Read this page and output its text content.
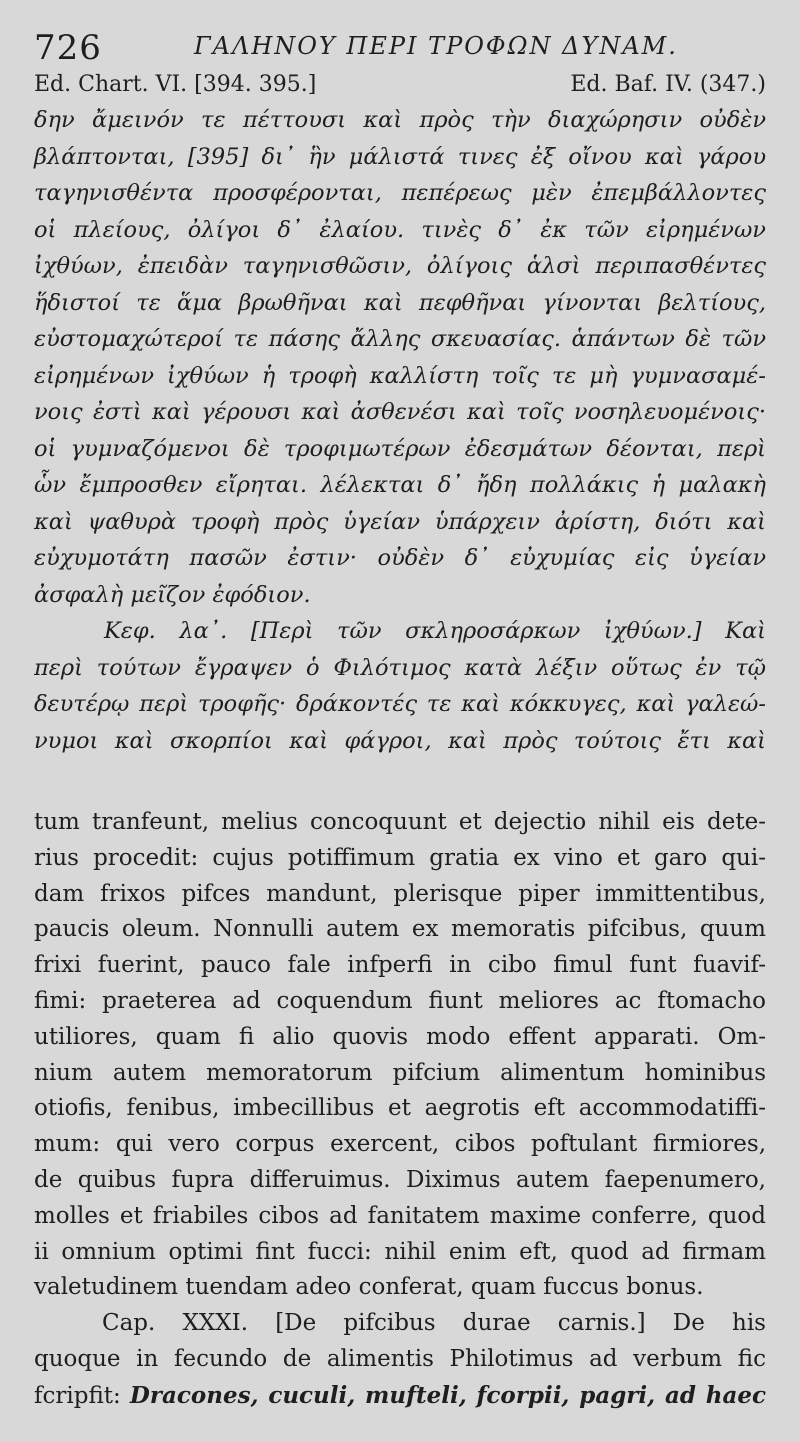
726	ΓΑΛΗΝΟΥ ΠΕΡΙ ΤΡΟΦΩΝ ΔΥΝΑΜ.
Ed. Chart. VI. [394. 395.]	Ed. Baf. IV. (347.)
δην ἄμεινόν τε πέττουσι καὶ πρὸς τὴν διαχώρησιν οὐδὲν
βλάπτονται, [395] δι᾽ ἣν μάλιστά τινες ἐξ οἴνου καὶ γάρου
ταγηνισθέντα προσφέρονται, πεπέρεως μὲν ἐπεμβάλλοντες
οἱ πλείους, ὀλίγοι δ᾽ ἐλαίου. τινὲς δ᾽ ἐκ τῶν εἰρημένων
ἰχθύων, ἐπειδὰν ταγηνισθῶσιν, ὀλίγοις ἁλσὶ περιπασθέντες
ἥδιστοί τε ἅμα βρωθῆναι καὶ πεφθῆναι γίνονται βελτίους,
εὐστομαχώτεροί τε πάσης ἄλλης σκευασίας. ἁπάντων δὲ τῶν
εἰρημένων ἰχθύων ἡ τροφὴ καλλίστη τοῖς τε μὴ γυμνασαμέ-
νοις ἐστὶ καὶ γέρουσι καὶ ἀσθενέσι καὶ τοῖς νοσηλευομένοις·
οἱ γυμναζόμενοι δὲ τροφιμωτέρων ἐδεσμάτων δέονται, περὶ
ὧν ἔμπροσθεν εἴρηται. λέλεκται δ᾽ ἤδη πολλάκις ἡ μαλακὴ
καὶ ψαθυρὰ τροφὴ πρὸς ὑγείαν ὑπάρχειν ἀρίστη, διότι καὶ
εὐχυμοτάτη πασῶν ἐστιν· οὐδὲν δ᾽ εὐχυμίας εἰς ὑγείαν
ἀσφαλὴ μεῖζον ἐφόδιον.
Κεφ. λα᾽. [Περὶ τῶν σκληροσάρκων ἰχθύων.] Καὶ
περὶ τούτων ἔγραψεν ὁ Φιλότιμος κατὰ λέξιν οὕτως ἐν τῷ
δευτέρῳ περὶ τροφῆς· δράκοντές τε καὶ κόκκυγες, καὶ γαλεώ-
νυμοι καὶ σκορπίοι καὶ φάγροι, καὶ πρὸς τούτοις ἔτι καὶ
tum tranfeunt, melius concoquunt et dejectio nihil eis dete-
rius procedit: cujus potiffimum gratia ex vino et garo qui-
dam frixos pifces mandunt, plerisque piper immittentibus,
paucis oleum. Nonnulli autem ex memoratis pifcibus, quum
frixi fuerint, pauco fale infperfi in cibo fimul funt fuavif-
fimi: praeterea ad coquendum fiunt meliores ac ftomacho
utiliores, quam fi alio quovis modo effent apparati. Om-
nium autem memoratorum pifcium alimentum hominibus
otiofis, fenibus, imbecillibus et aegrotis eft accommodatiffi-
mum: qui vero corpus exercent, cibos poftulant firmiores,
de quibus fupra differuimus. Diximus autem faepenumero,
molles et friabiles cibos ad fanitatem maxime conferre, quod
ii omnium optimi fint fucci: nihil enim eft, quod ad firmam
valetudinem tuendam adeo conferat, quam fuccus bonus.
Cap. XXXI. [De pifcibus durae carnis.] De his
quoque in fecundo de alimentis Philotimus ad verbum fic
fcripfit: Dracones, cuculi, mufteli, fcorpii, pagri, ad haec
